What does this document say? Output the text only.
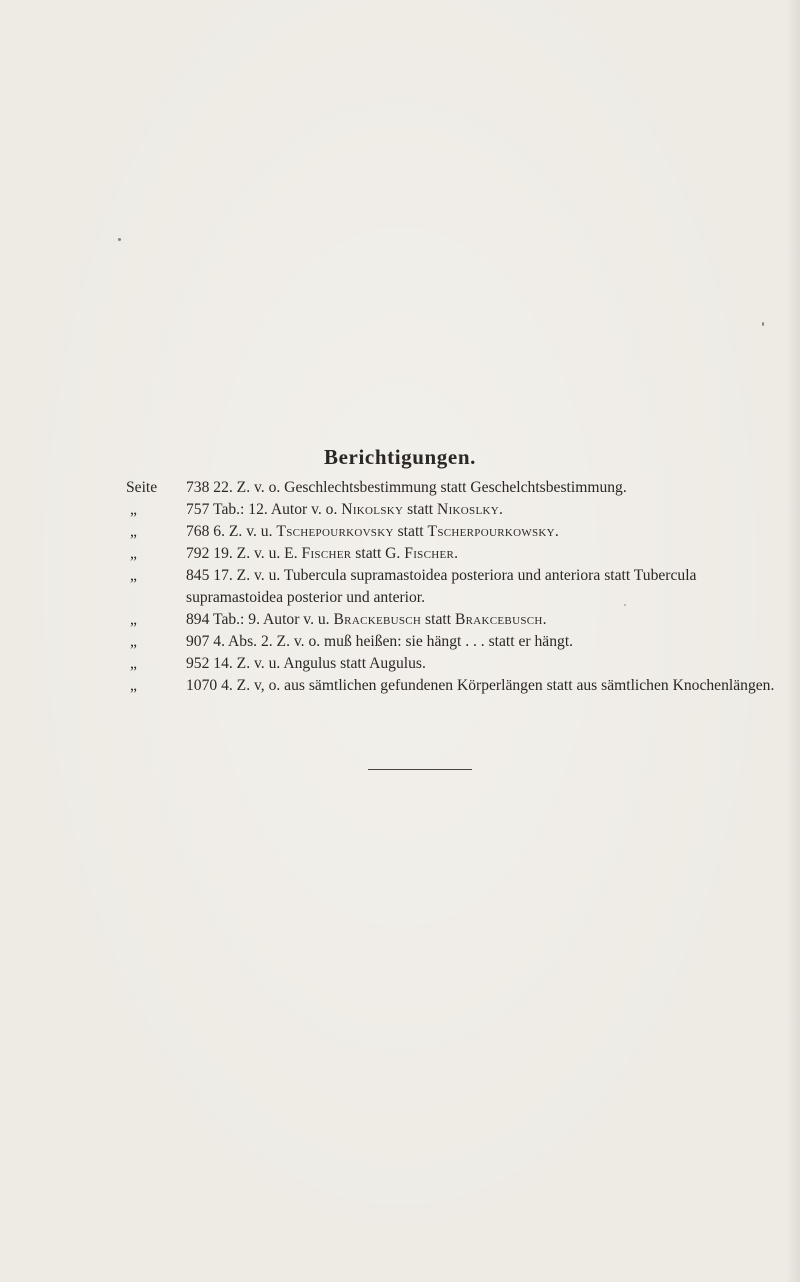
Berichtigungen.
Seite	738 22. Z. v. o. Geschlechtsbestimmung statt Geschelchtsbestimmung.
„	757 Tab.: 12. Autor v. o. Nikolsky statt Nikoslky.
„	768 6. Z. v. u. Tschepourkovsky statt Tscherpourkowsky.
„	792 19. Z. v. u. E. Fischer statt G. Fischer.
„	845 17. Z. v. u. Tubercula supramastoidea posteriora und anteriora statt Tubercula supramastoidea posterior und anterior.
„	894 Tab.: 9. Autor v. u. Brackebusch statt Brakcebusch.
„	907 4. Abs. 2. Z. v. o. muß heißen: sie hängt . . . statt er hängt.
„	952 14. Z. v. u. Angulus statt Augulus.
„	1070 4. Z. v, o. aus sämtlichen gefundenen Körperlängen statt aus sämtlichen Knochenlängen.
